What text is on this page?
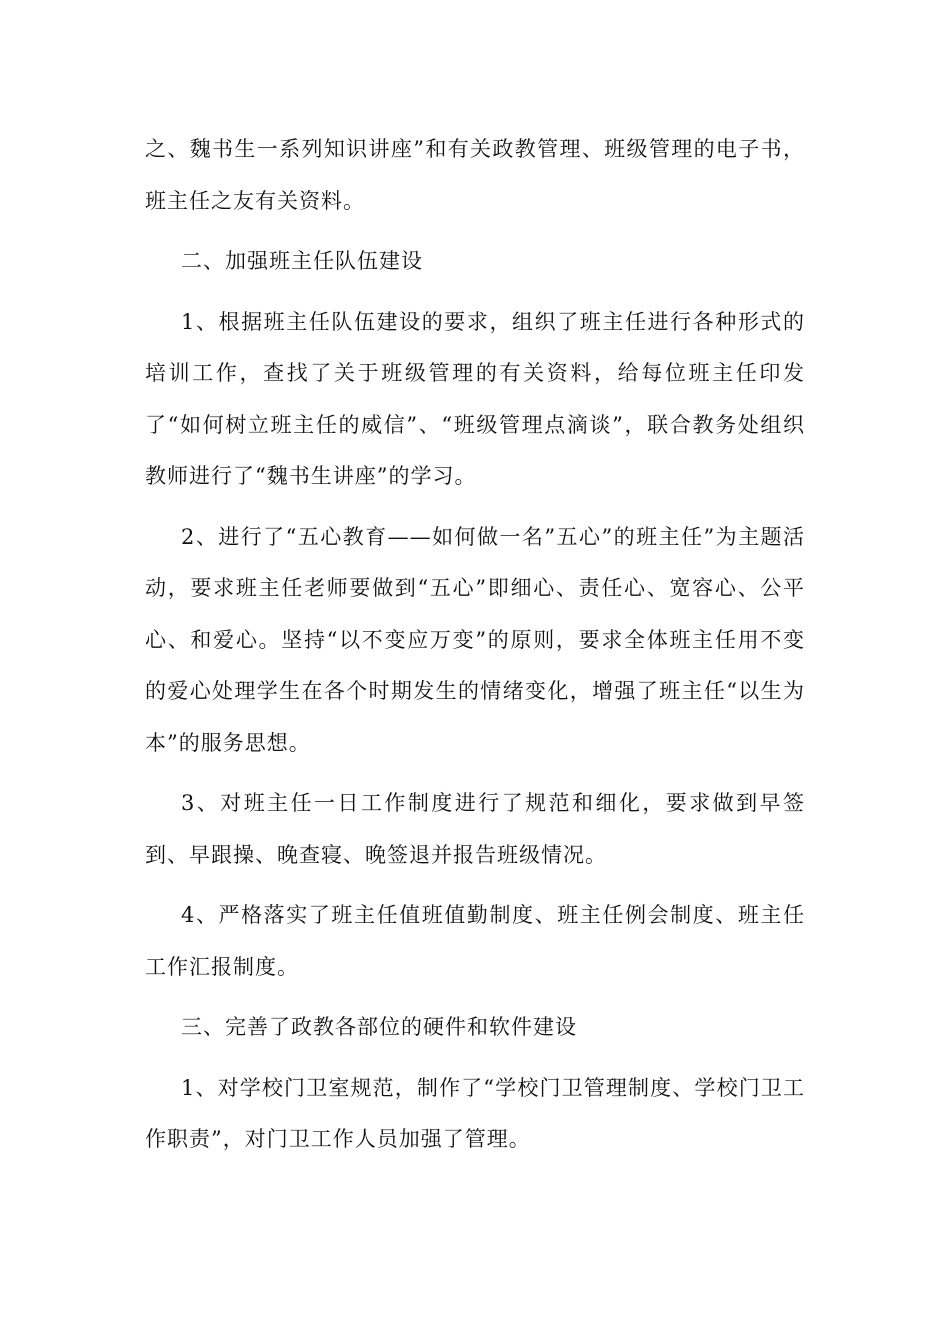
之、魏书生一系列知识讲座”和有关政教管理、班级管理的电子书，班主任之友有关资料。

二、加强班主任队伍建设

1、根据班主任队伍建设的要求，组织了班主任进行各种形式的培训工作，查找了关于班级管理的有关资料，给每位班主任印发了“如何树立班主任的威信”、“班级管理点滴谈”，联合教务处组织教师进行了“魏书生讲座”的学习。

2、进行了“五心教育——如何做一名”五心”的班主任”为主题活动，要求班主任老师要做到“五心”即细心、责任心、宽容心、公平心、和爱心。坚持“以不变应万变”的原则，要求全体班主任用不变的爱心处理学生在各个时期发生的情绪变化，增强了班主任“以生为本”的服务思想。

3、对班主任一日工作制度进行了规范和细化，要求做到早签到、早跟操、晚查寝、晚签退并报告班级情况。

4、严格落实了班主任值班值勤制度、班主任例会制度、班主任工作汇报制度。

三、完善了政教各部位的硬件和软件建设

1、对学校门卫室规范，制作了“学校门卫管理制度、学校门卫工作职责”，对门卫工作人员加强了管理。
